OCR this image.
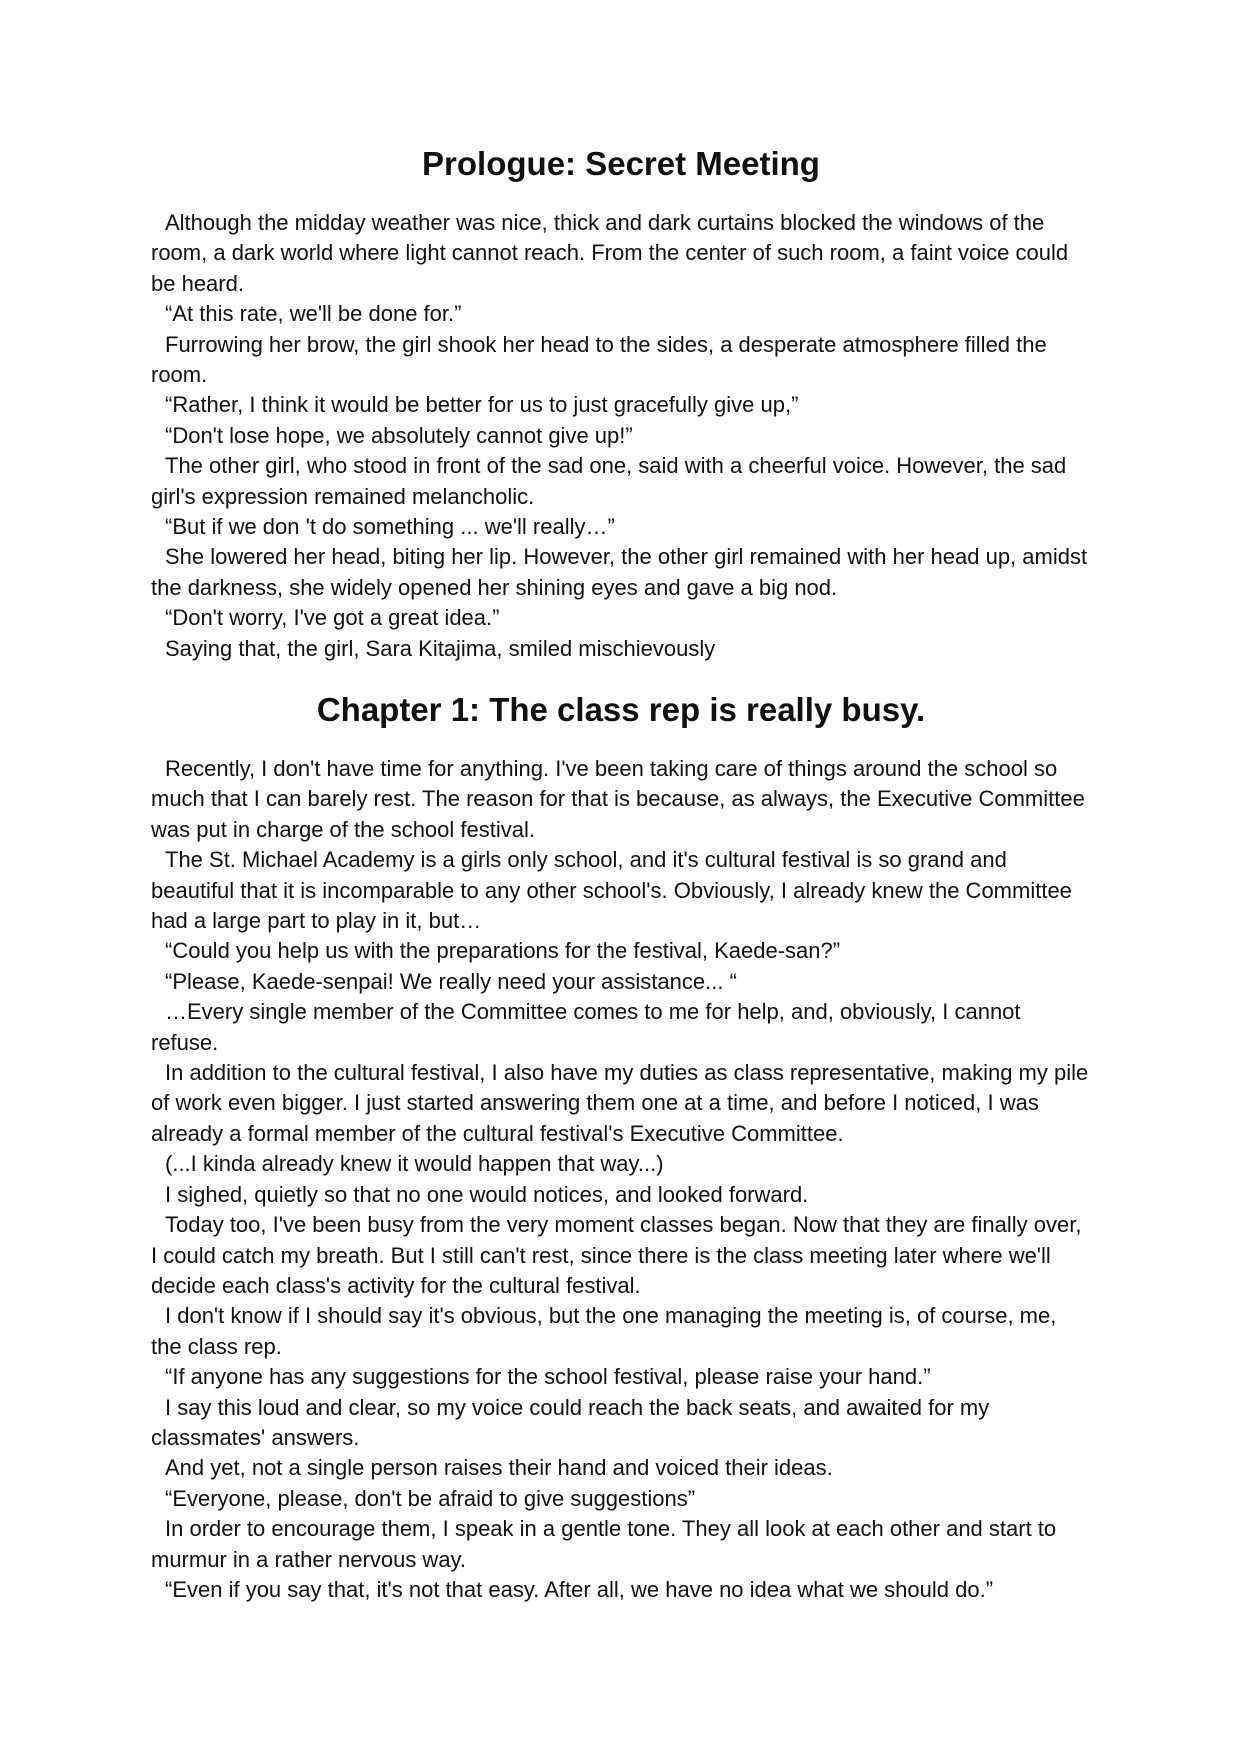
Prologue: Secret Meeting

Although the midday weather was nice, thick and dark curtains blocked the windows of the room, a dark world where light cannot reach. From the center of such room, a faint voice could be heard.

“At this rate, we'll be done for.”

Furrowing her brow, the girl shook her head to the sides, a desperate atmosphere filled the room.

“Rather, I think it would be better for us to just gracefully give up,”

“Don't lose hope, we absolutely cannot give up!”

The other girl, who stood in front of the sad one, said with a cheerful voice. However, the sad girl's expression remained melancholic.

“But if we don 't do something ... we'll really…”

She lowered her head, biting her lip. However, the other girl remained with her head up, amidst the darkness, she widely opened her shining eyes and gave a big nod.

“Don't worry, I've got a great idea.”

Saying that, the girl, Sara Kitajima, smiled mischievously

Chapter 1: The class rep is really busy.

Recently, I don't have time for anything. I've been taking care of things around the school so much that I can barely rest. The reason for that is because, as always, the Executive Committee was put in charge of the school festival.

The St. Michael Academy is a girls only school, and it's cultural festival is so grand and beautiful that it is incomparable to any other school's. Obviously, I already knew the Committee had a large part to play in it, but…

“Could you help us with the preparations for the festival, Kaede-san?”

“Please, Kaede-senpai! We really need your assistance... “

…Every single member of the Committee comes to me for help, and, obviously, I cannot refuse.

In addition to the cultural festival, I also have my duties as class representative, making my pile of work even bigger. I just started answering them one at a time, and before I noticed, I was already a formal member of the cultural festival's Executive Committee.

(...I kinda already knew it would happen that way...)

I sighed, quietly so that no one would notices, and looked forward.

Today too, I've been busy from the very moment classes began. Now that they are finally over, I could catch my breath. But I still can't rest, since there is the class meeting later where we'll decide each class's activity for the cultural festival.

I don't know if I should say it's obvious, but the one managing the meeting is, of course, me, the class rep.

“If anyone has any suggestions for the school festival, please raise your hand.”

I say this loud and clear, so my voice could reach the back seats, and awaited for my classmates' answers.

And yet, not a single person raises their hand and voiced their ideas.

“Everyone, please, don't be afraid to give suggestions”

In order to encourage them, I speak in a gentle tone. They all look at each other and start to murmur in a rather nervous way.

“Even if you say that, it's not that easy. After all, we have no idea what we should do.”
